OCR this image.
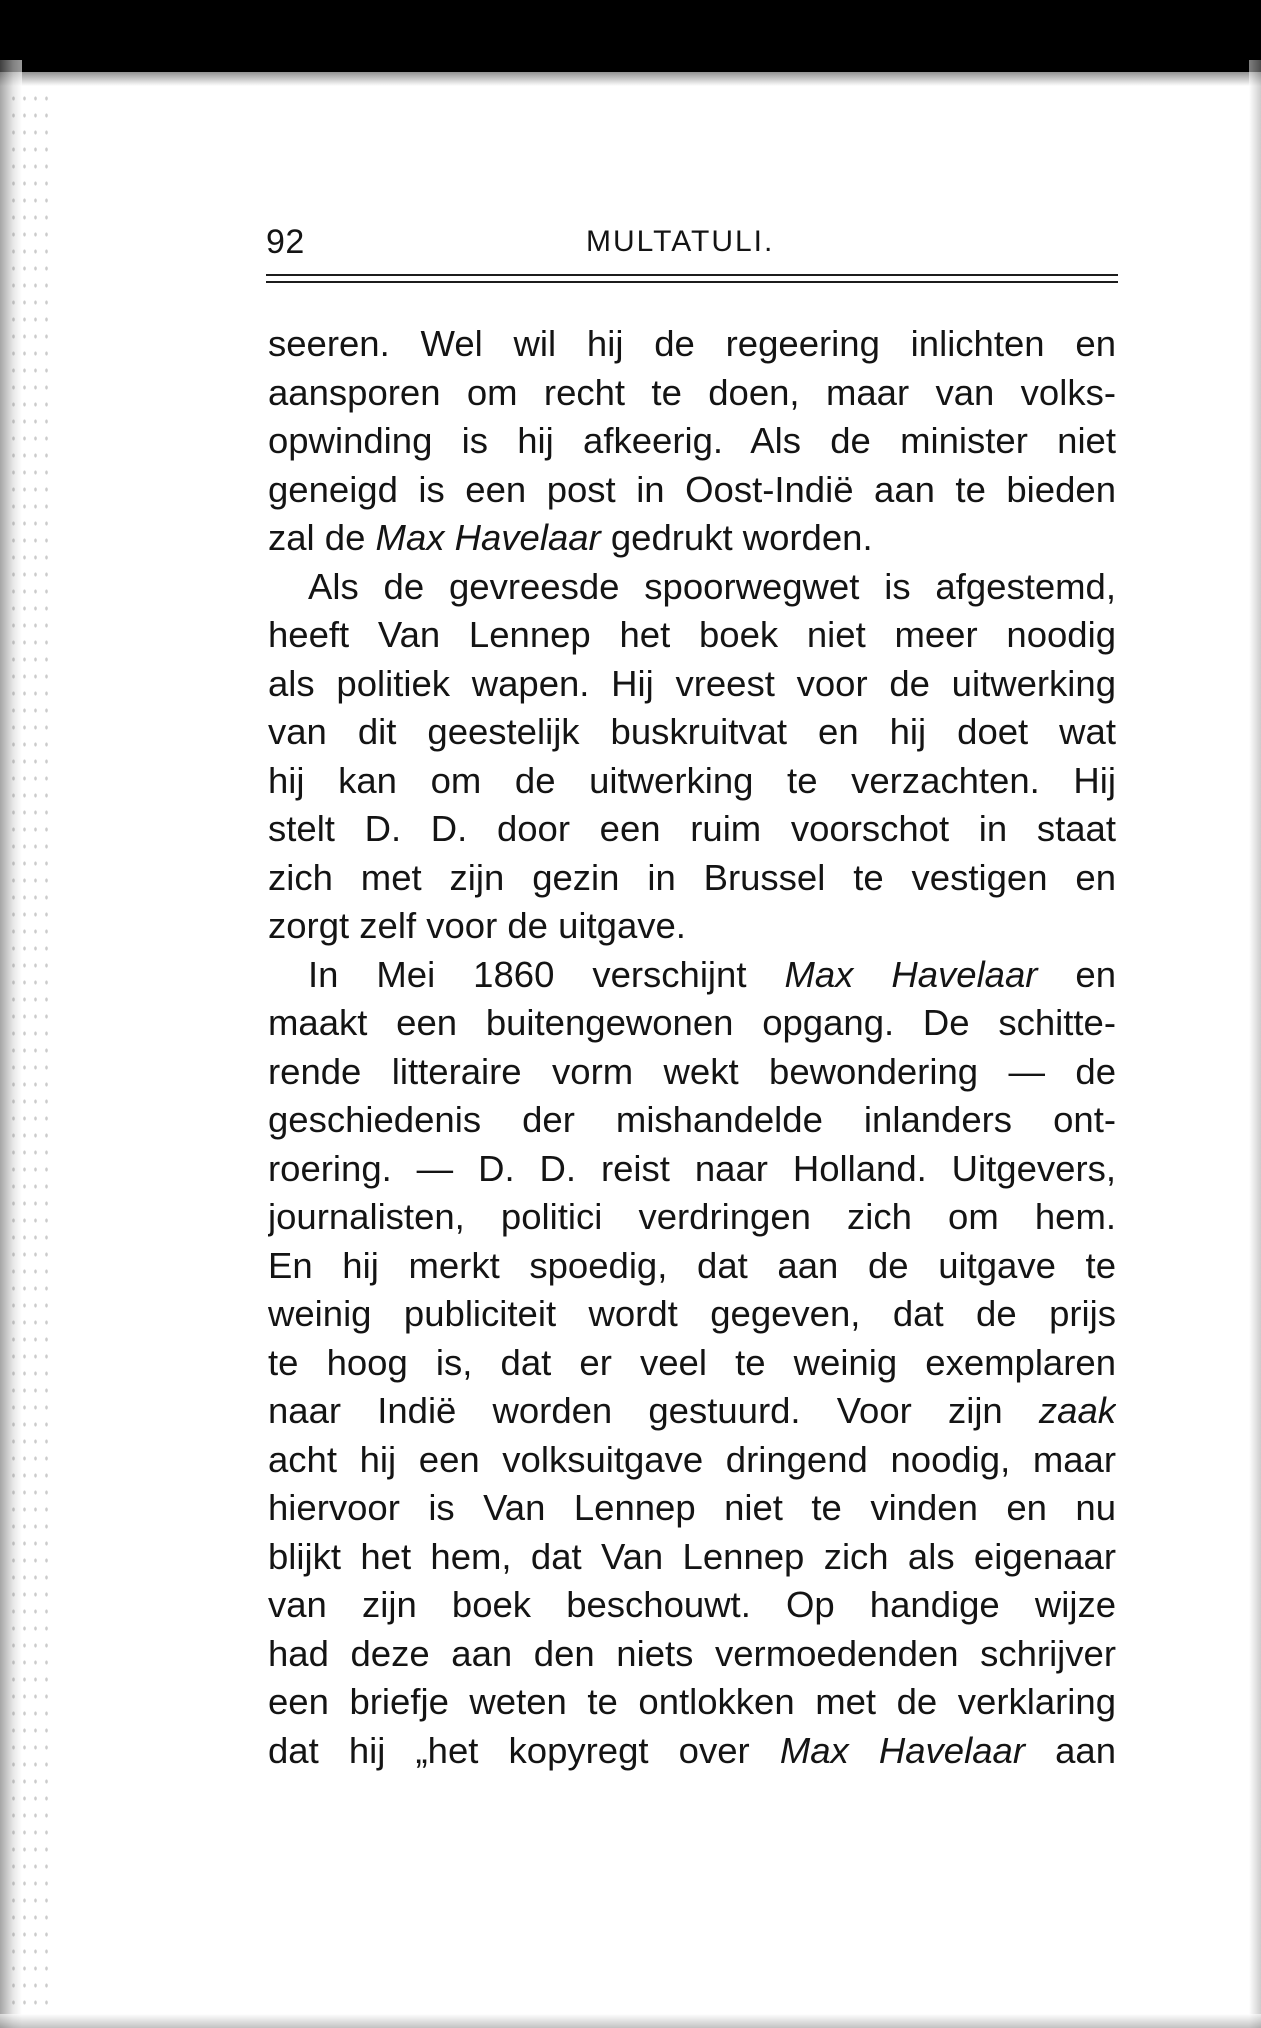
92	MULTATULI.
seeren. Wel wil hij de regeering inlichten en
aansporen om recht te doen, maar van volks-
opwinding is hij afkeerig. Als de minister niet
geneigd is een post in Oost-Indië aan te bieden
zal de Max Havelaar gedrukt worden.
Als de gevreesde spoorwegwet is afgestemd,
heeft Van Lennep het boek niet meer noodig
als politiek wapen. Hij vreest voor de uitwerking
van dit geestelijk buskruitvat en hij doet wat
hij kan om de uitwerking te verzachten. Hij
stelt D. D. door een ruim voorschot in staat
zich met zijn gezin in Brussel te vestigen en
zorgt zelf voor de uitgave.
In Mei 1860 verschijnt Max Havelaar en
maakt een buitengewonen opgang. De schitte-
rende litteraire vorm wekt bewondering — de
geschiedenis der mishandelde inlanders ont-
roering. — D. D. reist naar Holland. Uitgevers,
journalisten, politici verdringen zich om hem.
En hij merkt spoedig, dat aan de uitgave te
weinig publiciteit wordt gegeven, dat de prijs
te hoog is, dat er veel te weinig exemplaren
naar Indië worden gestuurd. Voor zijn zaak
acht hij een volksuitgave dringend noodig, maar
hiervoor is Van Lennep niet te vinden en nu
blijkt het hem, dat Van Lennep zich als eigenaar
van zijn boek beschouwt. Op handige wijze
had deze aan den niets vermoedenden schrijver
een briefje weten te ontlokken met de verklaring
dat hij „het kopyregt over Max Havelaar aan
